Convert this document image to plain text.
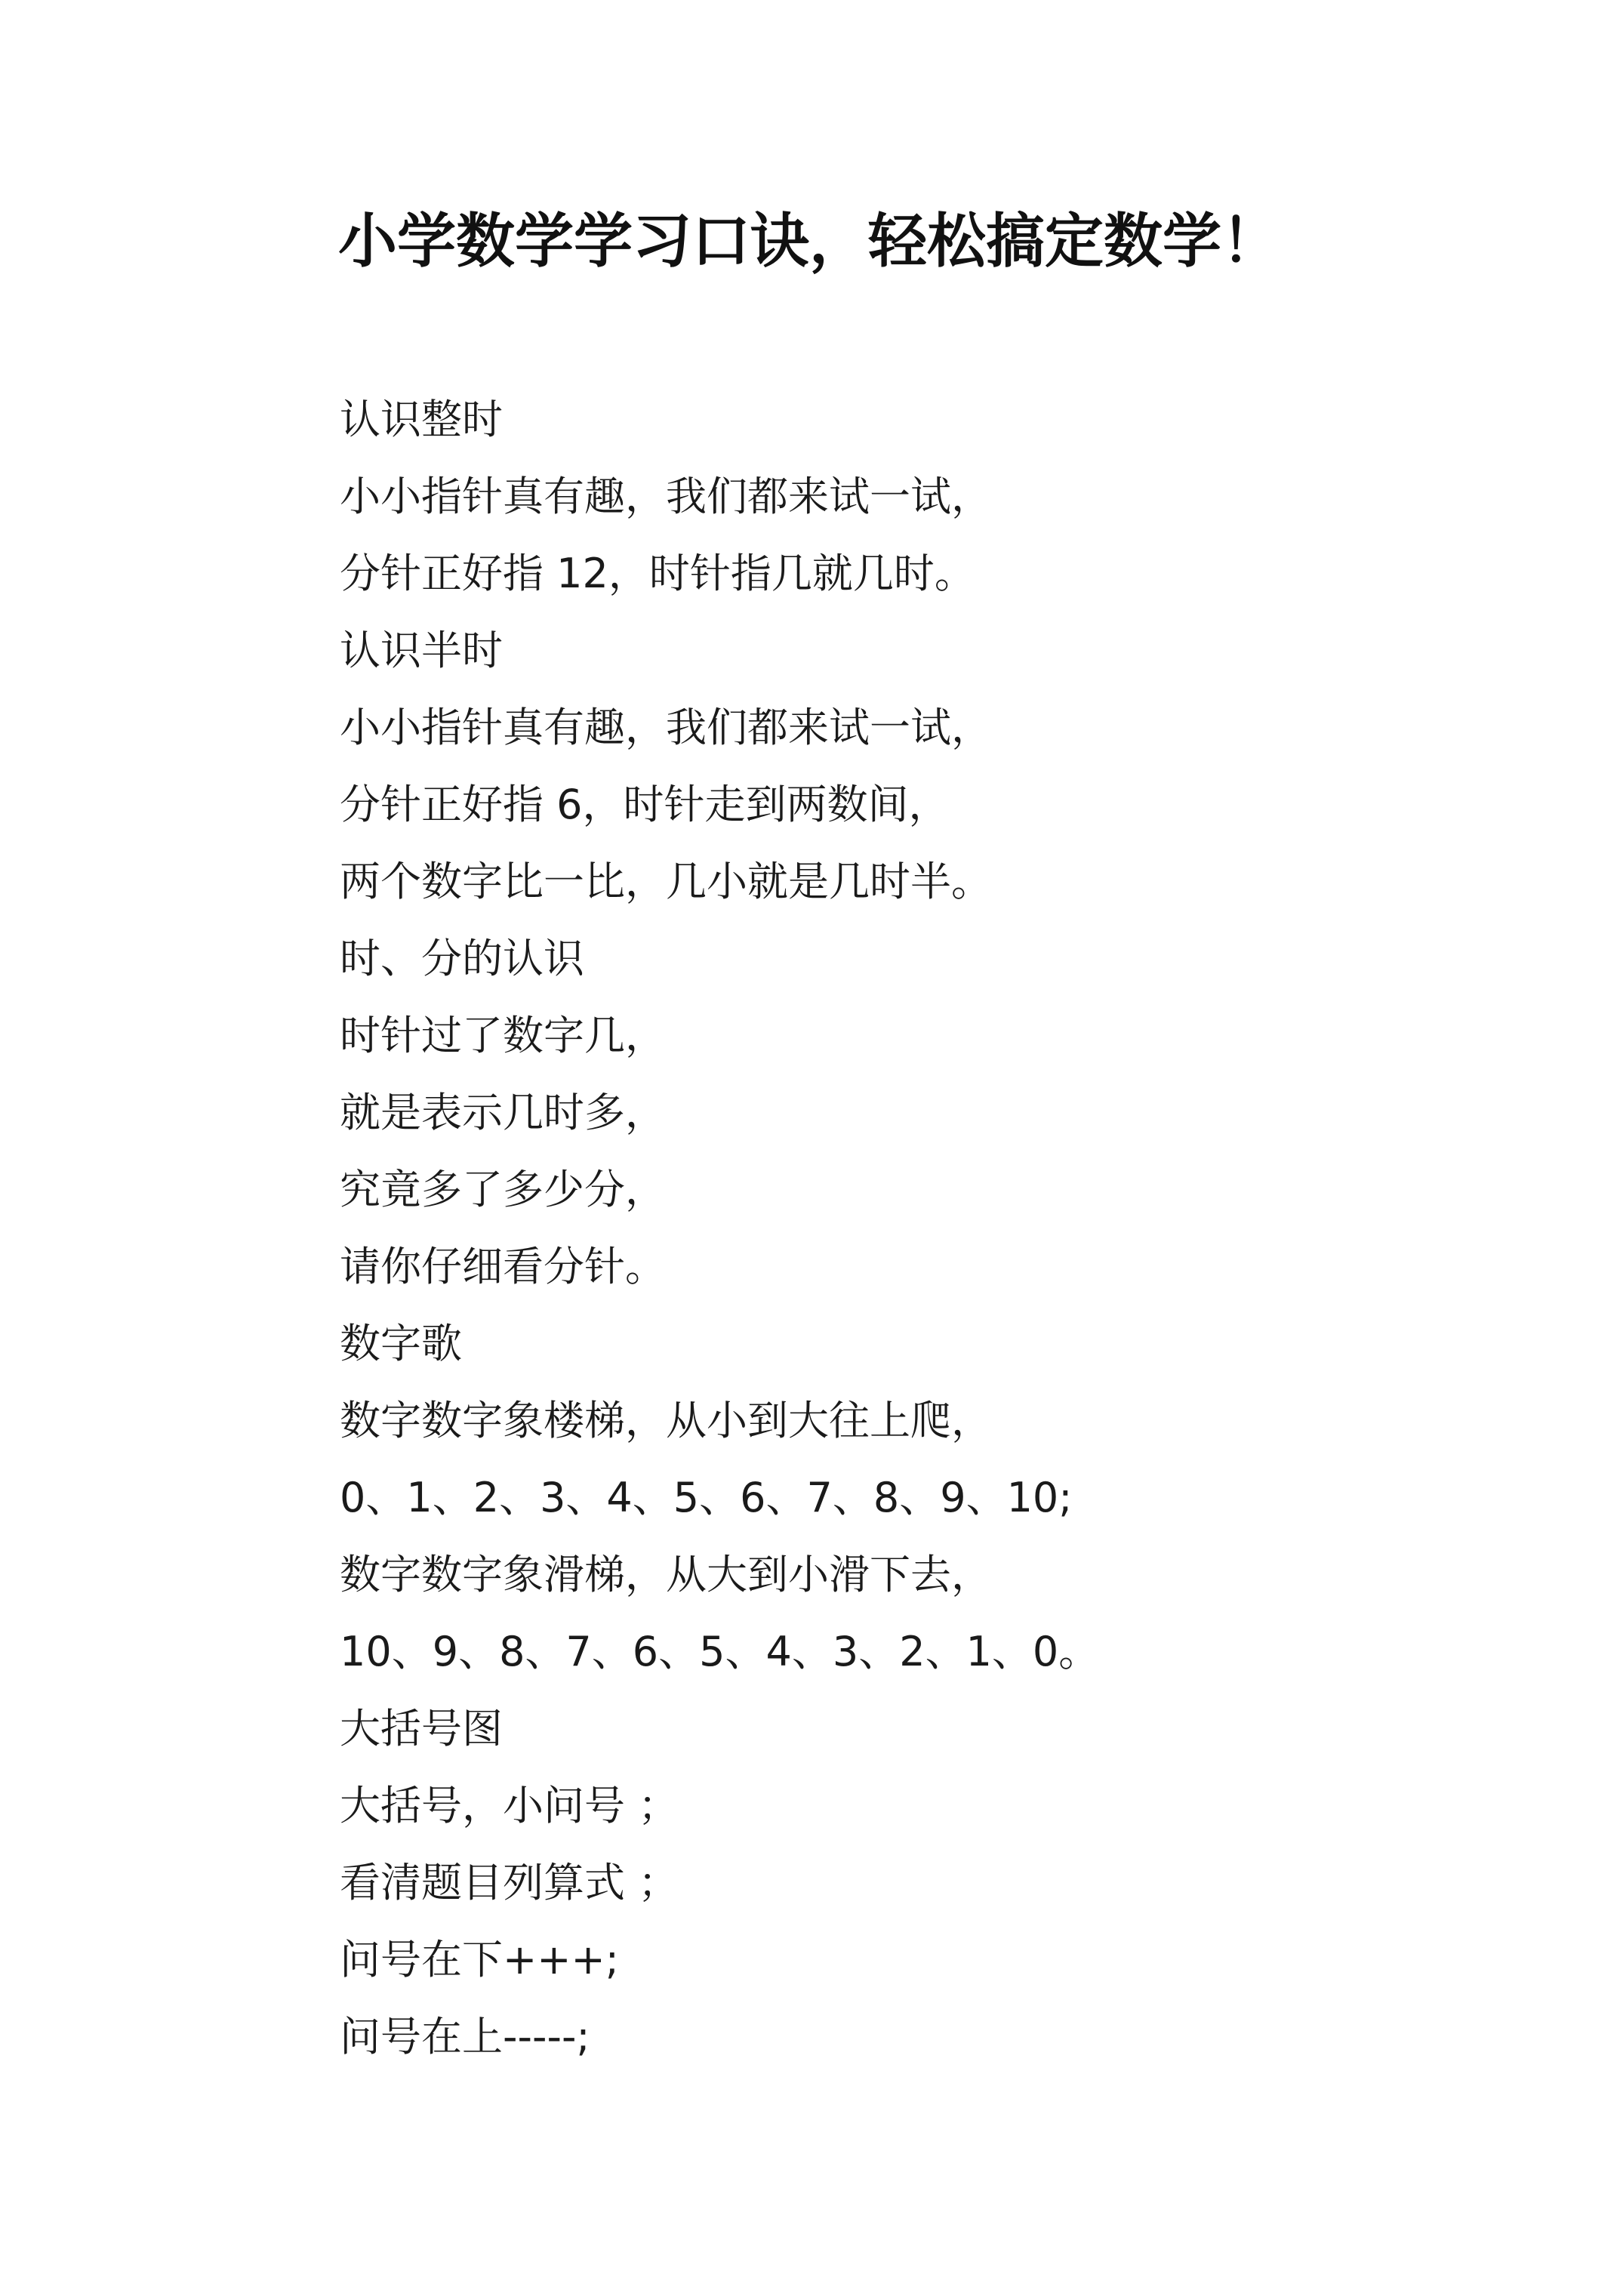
小学数学学习口诀，轻松搞定数学！
认识整时
小小指针真有趣，我们都来试一试，
分针正好指 12，时针指几就几时。
认识半时
小小指针真有趣，我们都来试一试，
分针正好指 6，时针走到两数间，
两个数字比一比，几小就是几时半。
时、分的认识
时针过了数字几，
就是表示几时多，
究竟多了多少分，
请你仔细看分针。
数字歌
数字数字象楼梯，从小到大往上爬，
0、1、2、3、4、5、6、7、8、9、10;
数字数字象滑梯，从大到小滑下去，
10、9、8、7、6、5、4、3、2、1、0。
大括号图
大括号，小问号 ；
看清题目列算式 ；
问号在下+++;
问号在上-----;
